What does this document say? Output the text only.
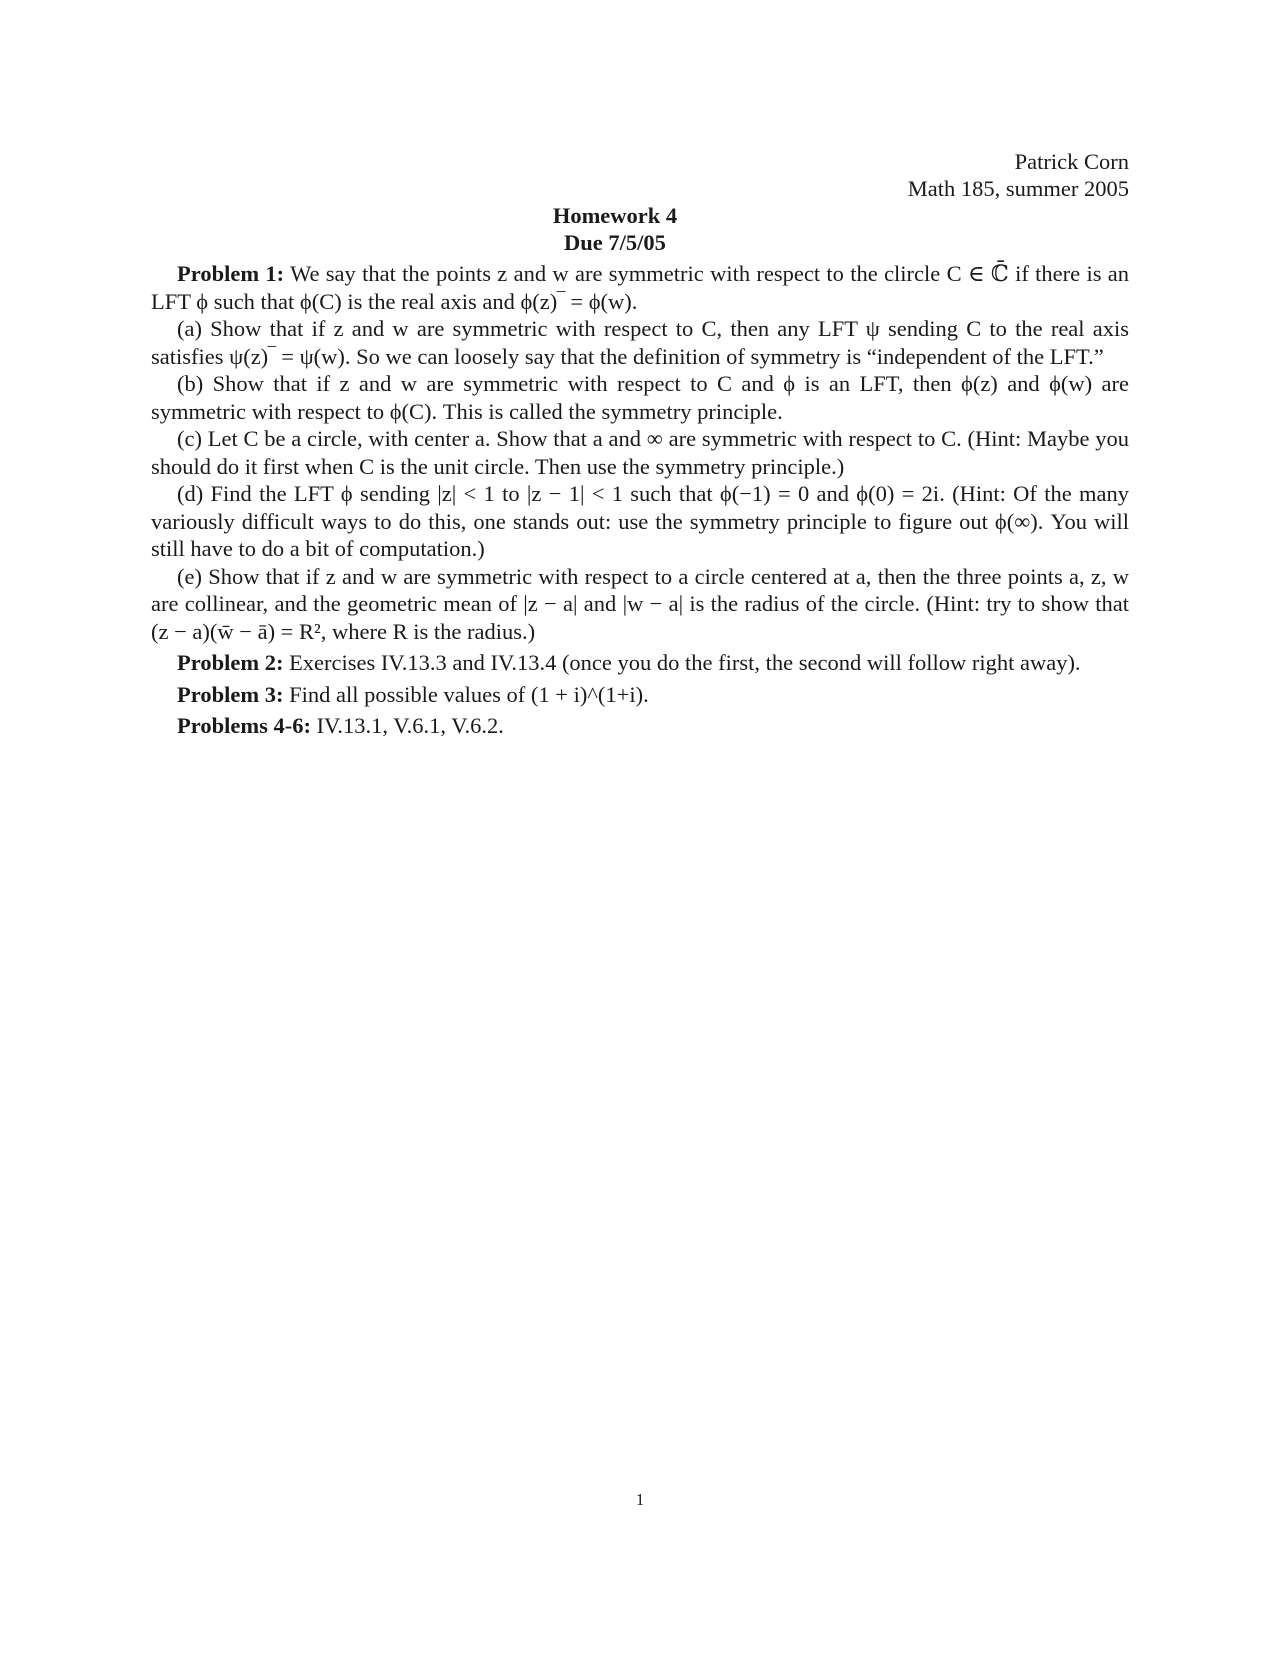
Patrick Corn
Math 185, summer 2005
Homework 4
Due 7/5/05

Problem 1: We say that the points z and w are symmetric with respect to the clircle C ∈ ℂ̄ if there is an LFT ϕ such that ϕ(C) is the real axis and ϕ(z)‾ = ϕ(w).

(a) Show that if z and w are symmetric with respect to C, then any LFT ψ sending C to the real axis satisfies ψ(z)‾ = ψ(w). So we can loosely say that the definition of symmetry is “independent of the LFT.”

(b) Show that if z and w are symmetric with respect to C and ϕ is an LFT, then ϕ(z) and ϕ(w) are symmetric with respect to ϕ(C). This is called the symmetry principle.

(c) Let C be a circle, with center a. Show that a and ∞ are symmetric with respect to C. (Hint: Maybe you should do it first when C is the unit circle. Then use the symmetry principle.)

(d) Find the LFT ϕ sending |z| < 1 to |z − 1| < 1 such that ϕ(−1) = 0 and ϕ(0) = 2i. (Hint: Of the many variously difficult ways to do this, one stands out: use the symmetry principle to figure out ϕ(∞). You will still have to do a bit of computation.)

(e) Show that if z and w are symmetric with respect to a circle centered at a, then the three points a, z, w are collinear, and the geometric mean of |z − a| and |w − a| is the radius of the circle. (Hint: try to show that (z − a)(w̄ − ā) = R², where R is the radius.)

Problem 2: Exercises IV.13.3 and IV.13.4 (once you do the first, the second will follow right away).

Problem 3: Find all possible values of (1 + i)^(1+i).

Problems 4-6: IV.13.1, V.6.1, V.6.2.

1
